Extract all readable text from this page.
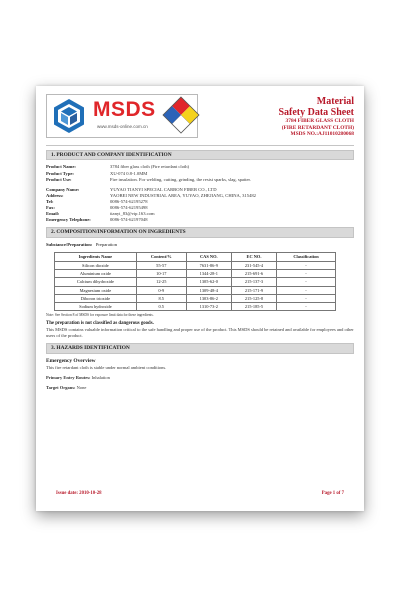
MSDS
www.msds-online.com.cn
Material
Safety Data Sheet
3784 FIBER GLASS CLOTH
(FIRE RETARDANT CLOTH)
MSDS NO.:AJ11010280068
1. PRODUCT AND COMPANY IDENTIFICATION
Product Name:	3784 fiber glass cloth (Fire retardant cloth)
Product Type:	XU-074 0.8-1.0MM
Product Use:	Fire insulation. For welding, cutting, grinding, the resist sparks, slag, spatter.
Company Name:	YUYAO TIANYI SPECIAL CARBON FIBER CO., LTD
Address:	YAOBEI NEW INDUSTRIAL AREA, YUYAO, ZHEJIANG, CHINA, 315482
Tel:	0086-574-62195278
Fax:	0086-574-62195498
Email:	tianyi_83@vip.163.com
Emergency Telephone:	0086-574-62197048
2. COMPOSITION/INFORMATION ON INGREDIENTS
Substance/Preparation: Preparation
Ingredients Name	Content/%	CAS NO.	EC NO.	Classification
Silicon dioxide	55-57	7631-86-9	231-545-4	-
Aluminium oxide	10-17	1344-28-1	215-691-6	-
Calcium dihydroxide	12-25	1305-62-0	215-137-3	-
Magnesium oxide	0-9	1309-48-4	215-171-9	-
Diboron trioxide	8.5	1303-86-2	215-125-8	-
Sodium hydroxide	0.5	1310-73-2	215-185-5	-
Note: See Section 8 of MSDS for exposure limit data for these ingredients.
The preparation is not classified as dangerous goods.
This MSDS contains valuable information critical to the safe handling and proper use of the product. This MSDS should be retained and available for employees and other users of the product.
3. HAZARDS IDENTIFICATION
Emergency Overview
This fire retardant cloth is stable under normal ambient conditions.
Primary Entry Routes: Inhalation
Target Organs: None
Issue date: 2010-10-28	Page 1 of 7
